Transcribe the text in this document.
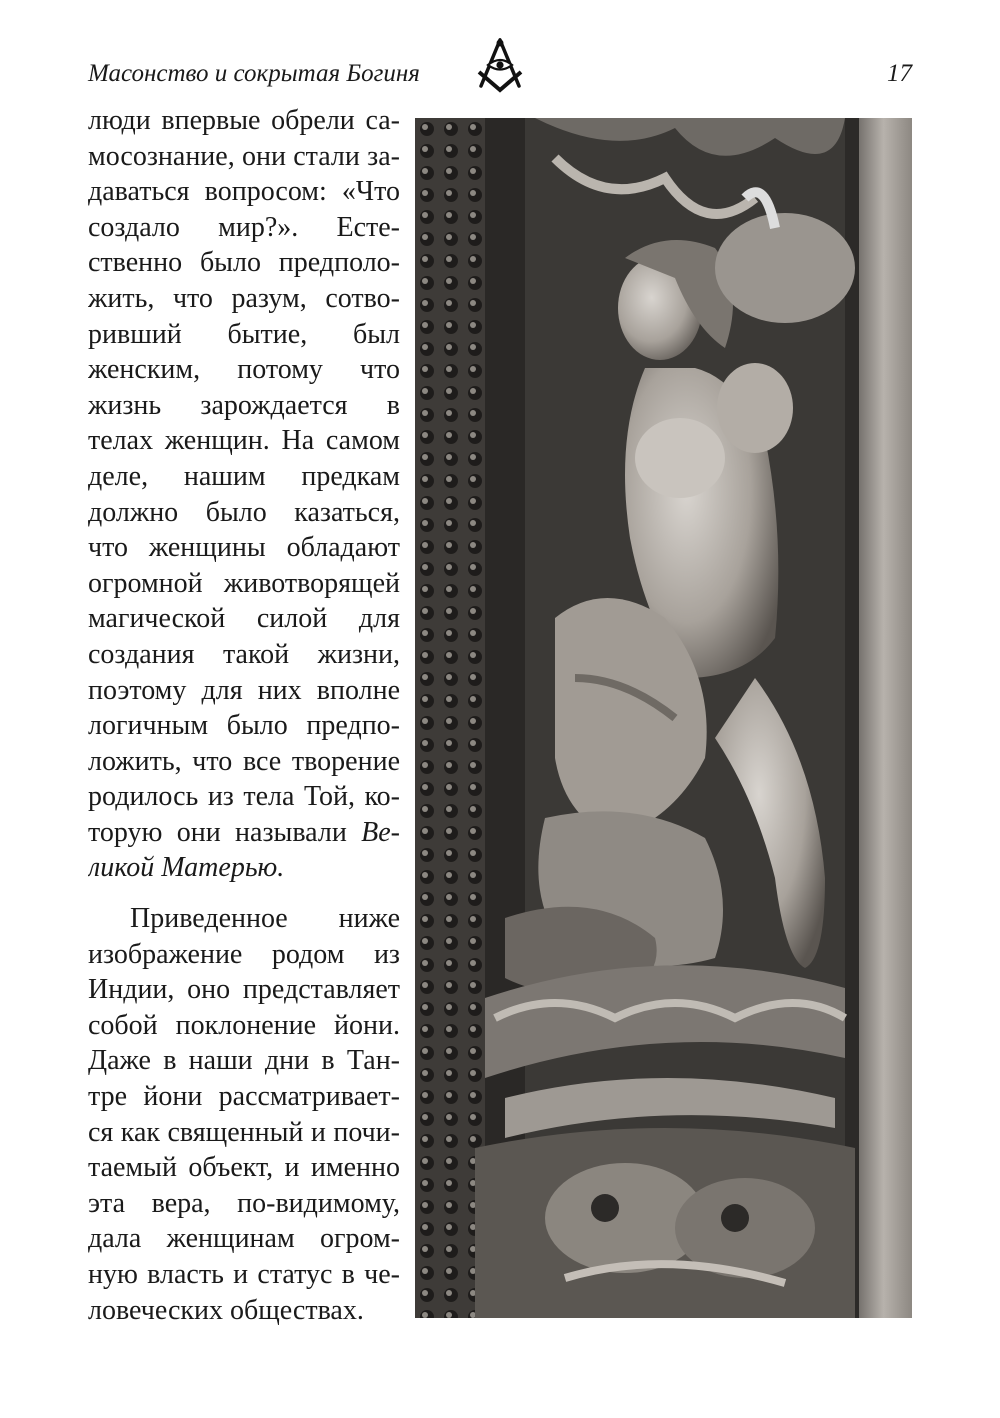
Масонство и сокрытая Богиня	17
люди впервые обрели са-
мосознание, они стали за-
даваться вопросом: «Что
создало мир?». Есте-
ственно было предполо-
жить, что разум, сотво-
ривший бытие, был
женским, потому что
жизнь зарождается в
телах женщин. На самом
деле, нашим предкам
должно было казаться,
что женщины обладают
огромной животворящей
магической силой для
создания такой жизни,
поэтому для них вполне
логичным было предпо-
ложить, что все творение
родилось из тела Той, ко-
торую они называли Ве-
ликой Матерью.
Приведенное ниже
изображение родом из
Индии, оно представляет
собой поклонение йони.
Даже в наши дни в Тан-
тре йони рассматривает-
ся как священный и почи-
таемый объект, и именно
эта вера, по-видимому,
дала женщинам огром-
ную власть и статус в че-
ловеческих обществах.
